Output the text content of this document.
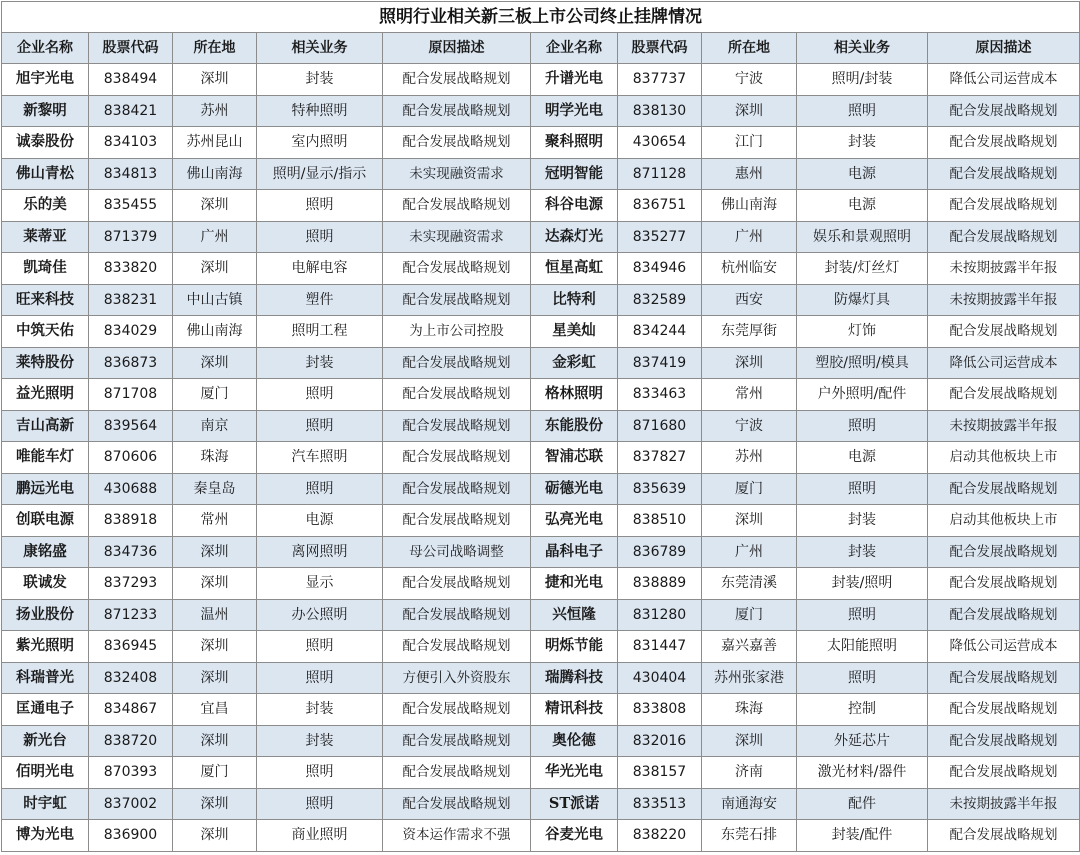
照明行业相关新三板上市公司终止挂牌情况
企业名称	股票代码	所在地	相关业务	原因描述	企业名称	股票代码	所在地	相关业务	原因描述
旭宇光电	838494	深圳	封装	配合发展战略规划	升谱光电	837737	宁波	照明/封装	降低公司运营成本
新黎明	838421	苏州	特种照明	配合发展战略规划	明学光电	838130	深圳	照明	配合发展战略规划
诚泰股份	834103	苏州昆山	室内照明	配合发展战略规划	聚科照明	430654	江门	封装	配合发展战略规划
佛山青松	834813	佛山南海	照明/显示/指示	未实现融资需求	冠明智能	871128	惠州	电源	配合发展战略规划
乐的美	835455	深圳	照明	配合发展战略规划	科谷电源	836751	佛山南海	电源	配合发展战略规划
莱蒂亚	871379	广州	照明	未实现融资需求	达森灯光	835277	广州	娱乐和景观照明	配合发展战略规划
凯琦佳	833820	深圳	电解电容	配合发展战略规划	恒星高虹	834946	杭州临安	封装/灯丝灯	未按期披露半年报
旺来科技	838231	中山古镇	塑件	配合发展战略规划	比特利	832589	西安	防爆灯具	未按期披露半年报
中筑天佑	834029	佛山南海	照明工程	为上市公司控股	星美灿	834244	东莞厚街	灯饰	配合发展战略规划
莱特股份	836873	深圳	封装	配合发展战略规划	金彩虹	837419	深圳	塑胶/照明/模具	降低公司运营成本
益光照明	871708	厦门	照明	配合发展战略规划	格林照明	833463	常州	户外照明/配件	配合发展战略规划
吉山高新	839564	南京	照明	配合发展战略规划	东能股份	871680	宁波	照明	未按期披露半年报
唯能车灯	870606	珠海	汽车照明	配合发展战略规划	智浦芯联	837827	苏州	电源	启动其他板块上市
鹏远光电	430688	秦皇岛	照明	配合发展战略规划	砺德光电	835639	厦门	照明	配合发展战略规划
创联电源	838918	常州	电源	配合发展战略规划	弘亮光电	838510	深圳	封装	启动其他板块上市
康铭盛	834736	深圳	离网照明	母公司战略调整	晶科电子	836789	广州	封装	配合发展战略规划
联诚发	837293	深圳	显示	配合发展战略规划	捷和光电	838889	东莞清溪	封装/照明	配合发展战略规划
扬业股份	871233	温州	办公照明	配合发展战略规划	兴恒隆	831280	厦门	照明	配合发展战略规划
紫光照明	836945	深圳	照明	配合发展战略规划	明烁节能	831447	嘉兴嘉善	太阳能照明	降低公司运营成本
科瑞普光	832408	深圳	照明	方便引入外资股东	瑞腾科技	430404	苏州张家港	照明	配合发展战略规划
匡通电子	834867	宜昌	封装	配合发展战略规划	精讯科技	833808	珠海	控制	配合发展战略规划
新光台	838720	深圳	封装	配合发展战略规划	奥伦德	832016	深圳	外延芯片	配合发展战略规划
佰明光电	870393	厦门	照明	配合发展战略规划	华光光电	838157	济南	激光材料/器件	配合发展战略规划
时宇虹	837002	深圳	照明	配合发展战略规划	ST派诺	833513	南通海安	配件	未按期披露半年报
博为光电	836900	深圳	商业照明	资本运作需求不强	谷麦光电	838220	东莞石排	封装/配件	配合发展战略规划
